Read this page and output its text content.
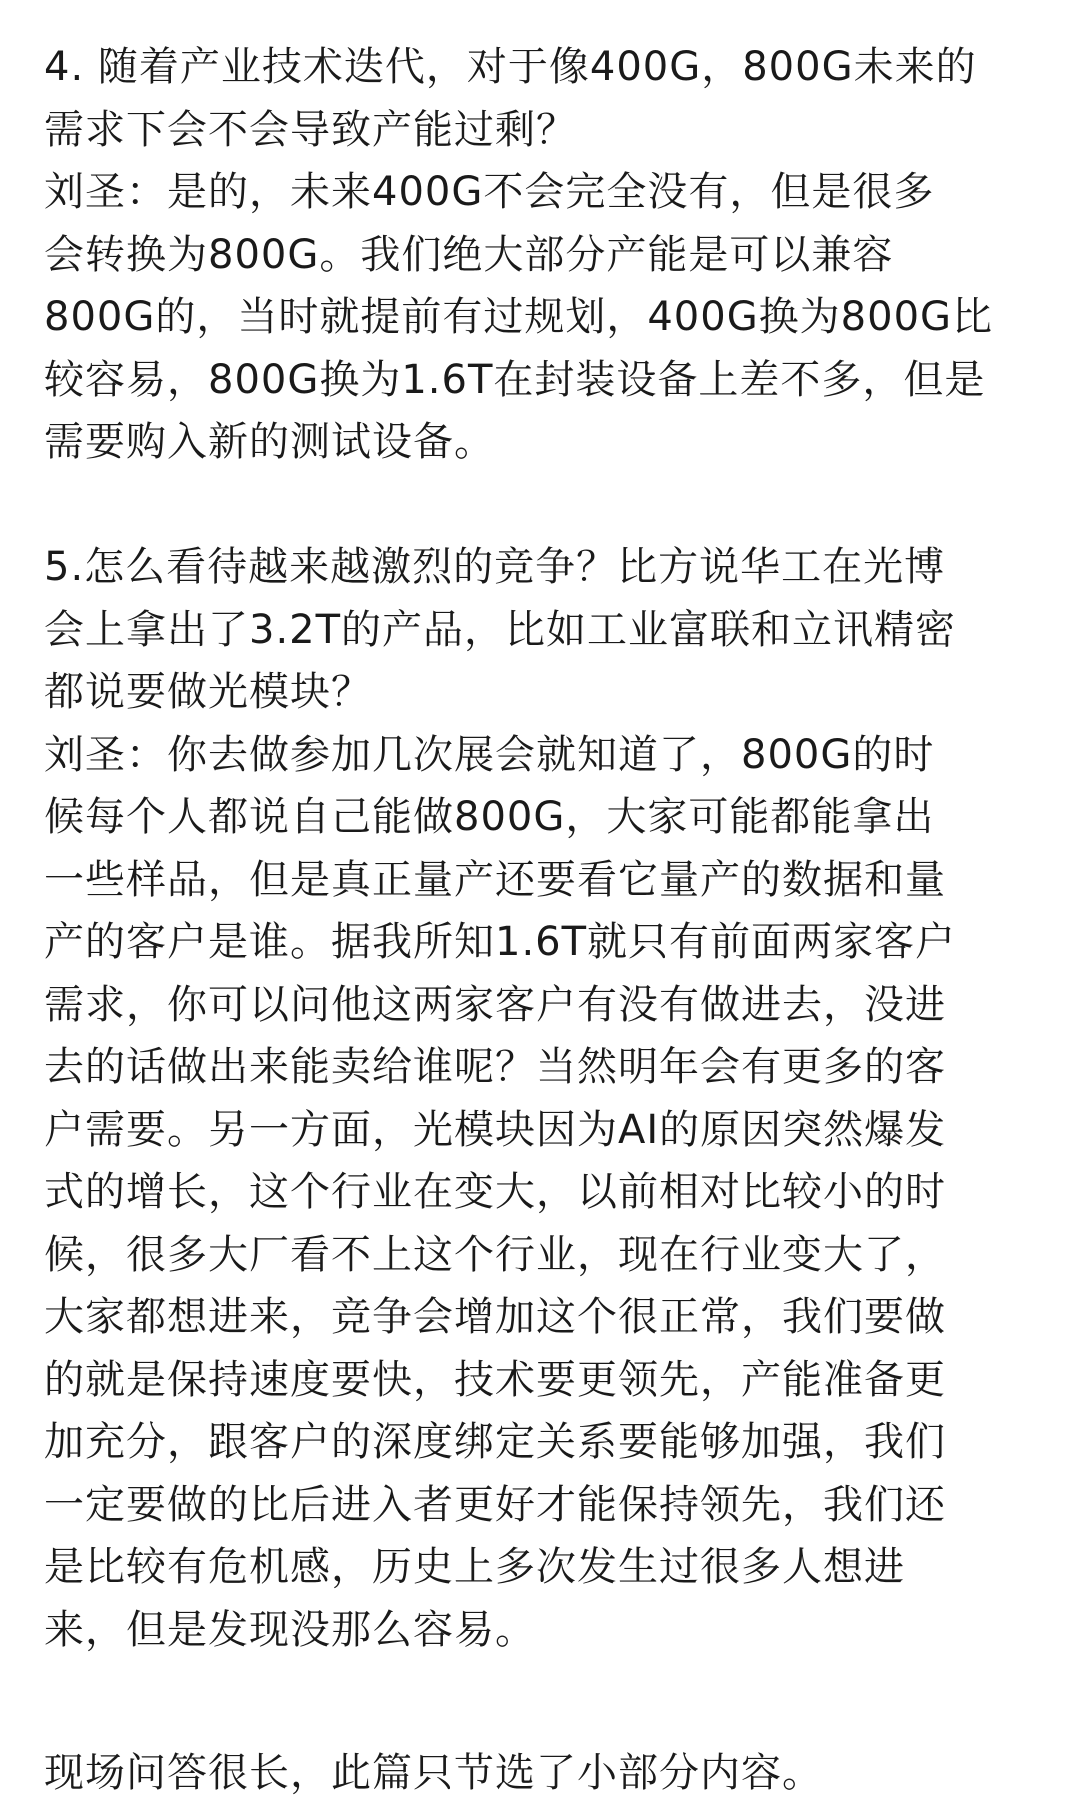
4. 随着产业技术迭代，对于像400G，800G未来的
需求下会不会导致产能过剩？

刘圣：是的，未来400G不会完全没有，但是很多
会转换为800G。我们绝大部分产能是可以兼容
800G的，当时就提前有过规划，400G换为800G比
较容易，800G换为1.6T在封装设备上差不多，但是
需要购入新的测试设备。

5.怎么看待越来越激烈的竞争？比方说华工在光博
会上拿出了3.2T的产品，比如工业富联和立讯精密
都说要做光模块？

刘圣：你去做参加几次展会就知道了，800G的时
候每个人都说自己能做800G，大家可能都能拿出
一些样品，但是真正量产还要看它量产的数据和量
产的客户是谁。据我所知1.6T就只有前面两家客户
需求，你可以问他这两家客户有没有做进去，没进
去的话做出来能卖给谁呢？当然明年会有更多的客
户需要。另一方面，光模块因为AI的原因突然爆发
式的增长，这个行业在变大，以前相对比较小的时
候，很多大厂看不上这个行业，现在行业变大了，
大家都想进来，竞争会增加这个很正常，我们要做
的就是保持速度要快，技术要更领先，产能准备更
加充分，跟客户的深度绑定关系要能够加强，我们
一定要做的比后进入者更好才能保持领先，我们还
是比较有危机感，历史上多次发生过很多人想进
来，但是发现没那么容易。

现场问答很长，此篇只节选了小部分内容。
